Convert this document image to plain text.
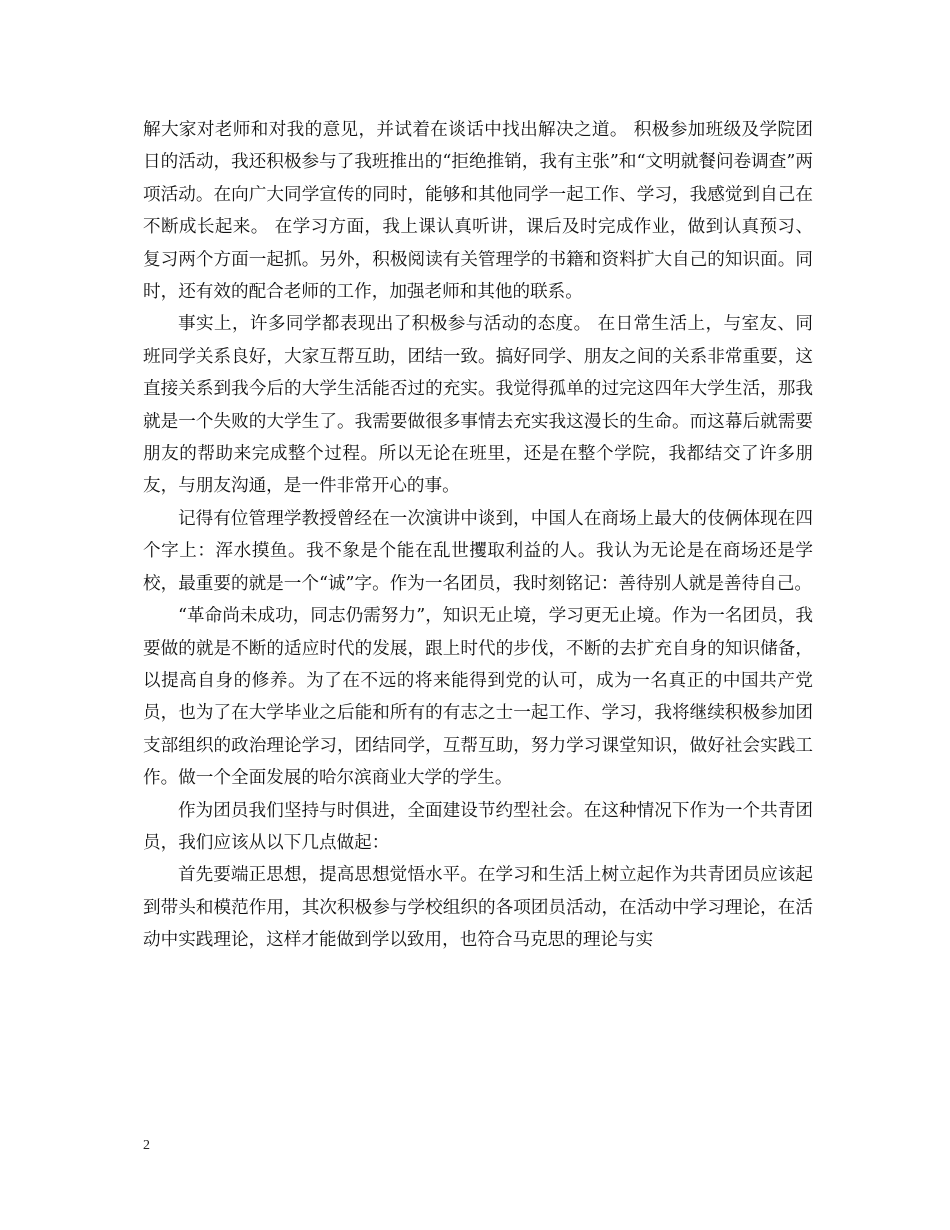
解大家对老师和对我的意见，并试着在谈话中找出解决之道。 积极参加班级及学院团日的活动，我还积极参与了我班推出的“拒绝推销，我有主张”和“文明就餐问卷调查”两项活动。在向广大同学宣传的同时，能够和其他同学一起工作、学习，我感觉到自己在不断成长起来。 在学习方面，我上课认真听讲，课后及时完成作业，做到认真预习、复习两个方面一起抓。另外，积极阅读有关管理学的书籍和资料扩大自己的知识面。同时，还有效的配合老师的工作，加强老师和其他的联系。

事实上，许多同学都表现出了积极参与活动的态度。 在日常生活上，与室友、同班同学关系良好，大家互帮互助，团结一致。搞好同学、朋友之间的关系非常重要，这直接关系到我今后的大学生活能否过的充实。我觉得孤单的过完这四年大学生活，那我就是一个失败的大学生了。我需要做很多事情去充实我这漫长的生命。而这幕后就需要朋友的帮助来完成整个过程。所以无论在班里，还是在整个学院，我都结交了许多朋友，与朋友沟通，是一件非常开心的事。

记得有位管理学教授曾经在一次演讲中谈到，中国人在商场上最大的伎俩体现在四个字上：浑水摸鱼。我不象是个能在乱世攫取利益的人。我认为无论是在商场还是学校，最重要的就是一个“诚”字。作为一名团员，我时刻铭记：善待别人就是善待自己。

“革命尚未成功，同志仍需努力”，知识无止境，学习更无止境。作为一名团员，我要做的就是不断的适应时代的发展，跟上时代的步伐，不断的去扩充自身的知识储备，以提高自身的修养。为了在不远的将来能得到党的认可，成为一名真正的中国共产党员，也为了在大学毕业之后能和所有的有志之士一起工作、学习，我将继续积极参加团支部组织的政治理论学习，团结同学，互帮互助，努力学习课堂知识，做好社会实践工作。做一个全面发展的哈尔滨商业大学的学生。

作为团员我们坚持与时俱进，全面建设节约型社会。在这种情况下作为一个共青团员，我们应该从以下几点做起：

首先要端正思想，提高思想觉悟水平。在学习和生活上树立起作为共青团员应该起到带头和模范作用，其次积极参与学校组织的各项团员活动，在活动中学习理论，在活动中实践理论，这样才能做到学以致用，也符合马克思的理论与实

2
